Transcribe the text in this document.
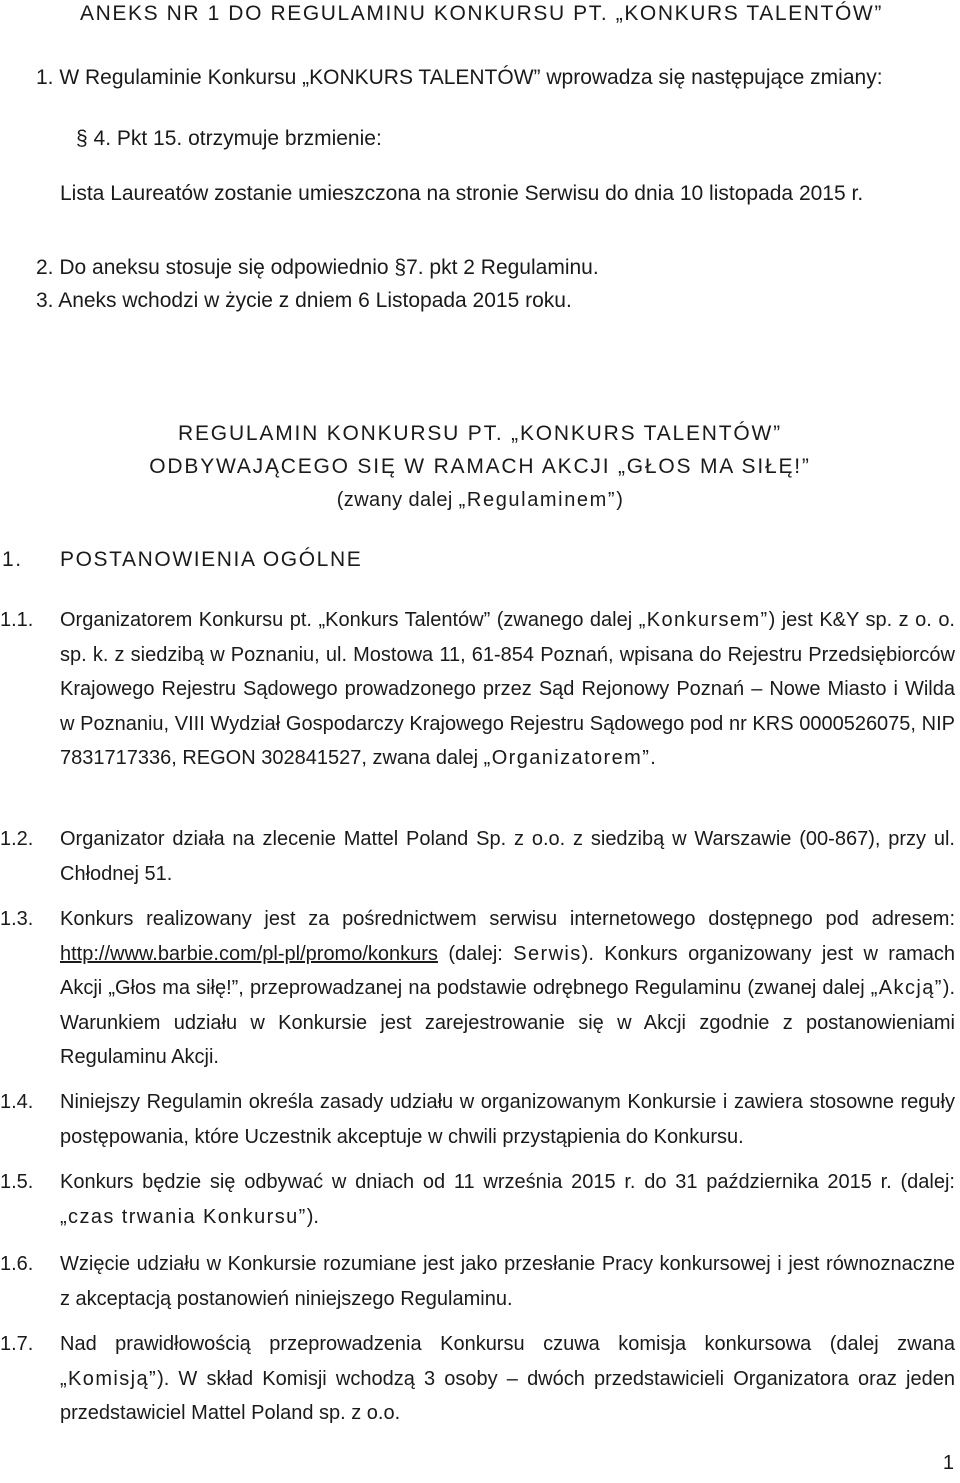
ANEKS NR 1 DO REGULAMINU KONKURSU PT. „KONKURS TALENTÓW”
1. W Regulaminie Konkursu „KONKURS TALENTÓW” wprowadza się następujące zmiany:
§ 4. Pkt 15. otrzymuje brzmienie:
Lista Laureatów zostanie umieszczona na stronie Serwisu do dnia 10 listopada 2015 r.
2. Do aneksu stosuje się odpowiednio §7. pkt 2 Regulaminu.
3. Aneks wchodzi w życie z dniem 6 Listopada 2015 roku.
REGULAMIN KONKURSU PT. „KONKURS TALENTÓW”
ODBYWAJĄCEGO SIĘ W RAMACH AKCJI „GŁOS MA SIŁĘ!”
(zwany dalej „Regulaminem”)
1. POSTANOWIENIA OGÓLNE
1.1. Organizatorem Konkursu pt. „Konkurs Talentów” (zwanego dalej „Konkursem”) jest K&Y sp. z o. o. sp. k. z siedzibą w Poznaniu, ul. Mostowa 11, 61-854 Poznań, wpisana do Rejestru Przedsiębiorców Krajowego Rejestru Sądowego prowadzonego przez Sąd Rejonowy Poznań – Nowe Miasto i Wilda w Poznaniu, VIII Wydział Gospodarczy Krajowego Rejestru Sądowego pod nr KRS 0000526075, NIP 7831717336, REGON 302841527, zwana dalej „Organizatorem”.
1.2. Organizator działa na zlecenie Mattel Poland Sp. z o.o. z siedzibą w Warszawie (00-867), przy ul. Chłodnej 51.
1.3. Konkurs realizowany jest za pośrednictwem serwisu internetowego dostępnego pod adresem: http://www.barbie.com/pl-pl/promo/konkurs (dalej: Serwis). Konkurs organizowany jest w ramach Akcji „Głos ma siłę!”, przeprowadzanej na podstawie odrębnego Regulaminu (zwanej dalej „Akcją”). Warunkiem udziału w Konkursie jest zarejestrowanie się w Akcji zgodnie z postanowieniami Regulaminu Akcji.
1.4. Niniejszy Regulamin określa zasady udziału w organizowanym Konkursie i zawiera stosowne reguły postępowania, które Uczestnik akceptuje w chwili przystąpienia do Konkursu.
1.5. Konkurs będzie się odbywać w dniach od 11 września 2015 r. do 31 października 2015 r. (dalej: „czas trwania Konkursu”).
1.6. Wzięcie udziału w Konkursie rozumiane jest jako przesłanie Pracy konkursowej i jest równoznaczne z akceptacją postanowień niniejszego Regulaminu.
1.7. Nad prawidłowością przeprowadzenia Konkursu czuwa komisja konkursowa (dalej zwana „Komisją”). W skład Komisji wchodzą 3 osoby – dwóch przedstawicieli Organizatora oraz jeden przedstawiciel Mattel Poland sp. z o.o.
1
